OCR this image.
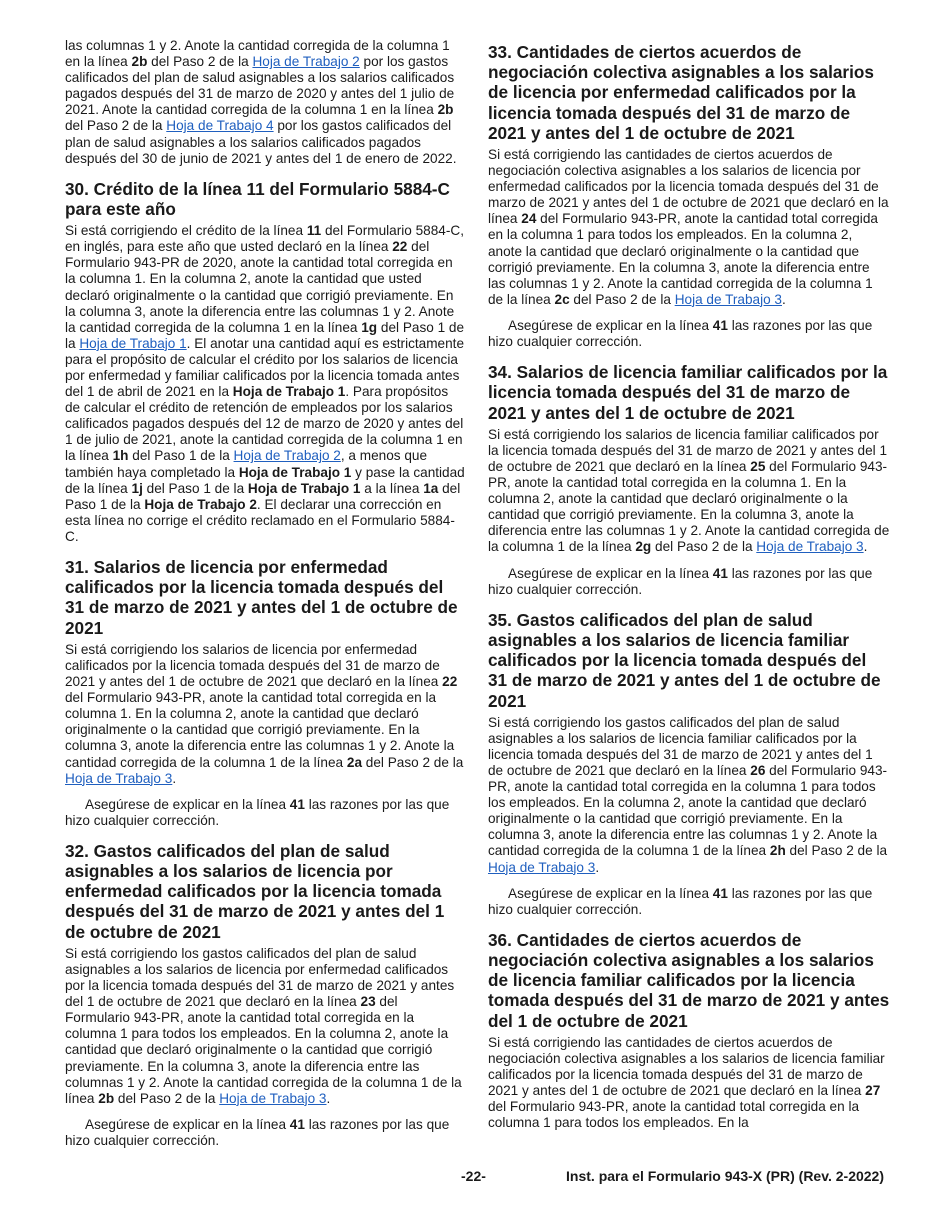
las columnas 1 y 2. Anote la cantidad corregida de la columna 1 en la línea 2b del Paso 2 de la Hoja de Trabajo 2 por los gastos calificados del plan de salud asignables a los salarios calificados pagados después del 31 de marzo de 2020 y antes del 1 julio de 2021. Anote la cantidad corregida de la columna 1 en la línea 2b del Paso 2 de la Hoja de Trabajo 4 por los gastos calificados del plan de salud asignables a los salarios calificados pagados después del 30 de junio de 2021 y antes del 1 de enero de 2022.

30. Crédito de la línea 11 del Formulario 5884-C para este año

Si está corrigiendo el crédito de la línea 11 del Formulario 5884-C, en inglés, para este año que usted declaró en la línea 22 del Formulario 943-PR de 2020, anote la cantidad total corregida en la columna 1. En la columna 2, anote la cantidad que usted declaró originalmente o la cantidad que corrigió previamente. En la columna 3, anote la diferencia entre las columnas 1 y 2. Anote la cantidad corregida de la columna 1 en la línea 1g del Paso 1 de la Hoja de Trabajo 1. El anotar una cantidad aquí es estrictamente para el propósito de calcular el crédito por los salarios de licencia por enfermedad y familiar calificados por la licencia tomada antes del 1 de abril de 2021 en la Hoja de Trabajo 1. Para propósitos de calcular el crédito de retención de empleados por los salarios calificados pagados después del 12 de marzo de 2020 y antes del 1 de julio de 2021, anote la cantidad corregida de la columna 1 en la línea 1h del Paso 1 de la Hoja de Trabajo 2, a menos que también haya completado la Hoja de Trabajo 1 y pase la cantidad de la línea 1j del Paso 1 de la Hoja de Trabajo 1 a la línea 1a del Paso 1 de la Hoja de Trabajo 2. El declarar una corrección en esta línea no corrige el crédito reclamado en el Formulario 5884-C.

31. Salarios de licencia por enfermedad calificados por la licencia tomada después del 31 de marzo de 2021 y antes del 1 de octubre de 2021

Si está corrigiendo los salarios de licencia por enfermedad calificados por la licencia tomada después del 31 de marzo de 2021 y antes del 1 de octubre de 2021 que declaró en la línea 22 del Formulario 943-PR, anote la cantidad total corregida en la columna 1. En la columna 2, anote la cantidad que declaró originalmente o la cantidad que corrigió previamente. En la columna 3, anote la diferencia entre las columnas 1 y 2. Anote la cantidad corregida de la columna 1 de la línea 2a del Paso 2 de la Hoja de Trabajo 3.

Asegúrese de explicar en la línea 41 las razones por las que hizo cualquier corrección.

32. Gastos calificados del plan de salud asignables a los salarios de licencia por enfermedad calificados por la licencia tomada después del 31 de marzo de 2021 y antes del 1 de octubre de 2021

Si está corrigiendo los gastos calificados del plan de salud asignables a los salarios de licencia por enfermedad calificados por la licencia tomada después del 31 de marzo de 2021 y antes del 1 de octubre de 2021 que declaró en la línea 23 del Formulario 943-PR, anote la cantidad total corregida en la columna 1 para todos los empleados. En la columna 2, anote la cantidad que declaró originalmente o la cantidad que corrigió previamente. En la columna 3, anote la diferencia entre las columnas 1 y 2. Anote la cantidad corregida de la columna 1 de la línea 2b del Paso 2 de la Hoja de Trabajo 3.

Asegúrese de explicar en la línea 41 las razones por las que hizo cualquier corrección.

33. Cantidades de ciertos acuerdos de negociación colectiva asignables a los salarios de licencia por enfermedad calificados por la licencia tomada después del 31 de marzo de 2021 y antes del 1 de octubre de 2021

Si está corrigiendo las cantidades de ciertos acuerdos de negociación colectiva asignables a los salarios de licencia por enfermedad calificados por la licencia tomada después del 31 de marzo de 2021 y antes del 1 de octubre de 2021 que declaró en la línea 24 del Formulario 943-PR, anote la cantidad total corregida en la columna 1 para todos los empleados. En la columna 2, anote la cantidad que declaró originalmente o la cantidad que corrigió previamente. En la columna 3, anote la diferencia entre las columnas 1 y 2. Anote la cantidad corregida de la columna 1 de la línea 2c del Paso 2 de la Hoja de Trabajo 3.

Asegúrese de explicar en la línea 41 las razones por las que hizo cualquier corrección.

34. Salarios de licencia familiar calificados por la licencia tomada después del 31 de marzo de 2021 y antes del 1 de octubre de 2021

Si está corrigiendo los salarios de licencia familiar calificados por la licencia tomada después del 31 de marzo de 2021 y antes del 1 de octubre de 2021 que declaró en la línea 25 del Formulario 943-PR, anote la cantidad total corregida en la columna 1. En la columna 2, anote la cantidad que declaró originalmente o la cantidad que corrigió previamente. En la columna 3, anote la diferencia entre las columnas 1 y 2. Anote la cantidad corregida de la columna 1 de la línea 2g del Paso 2 de la Hoja de Trabajo 3.

Asegúrese de explicar en la línea 41 las razones por las que hizo cualquier corrección.

35. Gastos calificados del plan de salud asignables a los salarios de licencia familiar calificados por la licencia tomada después del 31 de marzo de 2021 y antes del 1 de octubre de 2021

Si está corrigiendo los gastos calificados del plan de salud asignables a los salarios de licencia familiar calificados por la licencia tomada después del 31 de marzo de 2021 y antes del 1 de octubre de 2021 que declaró en la línea 26 del Formulario 943-PR, anote la cantidad total corregida en la columna 1 para todos los empleados. En la columna 2, anote la cantidad que declaró originalmente o la cantidad que corrigió previamente. En la columna 3, anote la diferencia entre las columnas 1 y 2. Anote la cantidad corregida de la columna 1 de la línea 2h del Paso 2 de la Hoja de Trabajo 3.

Asegúrese de explicar en la línea 41 las razones por las que hizo cualquier corrección.

36. Cantidades de ciertos acuerdos de negociación colectiva asignables a los salarios de licencia familiar calificados por la licencia tomada después del 31 de marzo de 2021 y antes del 1 de octubre de 2021

Si está corrigiendo las cantidades de ciertos acuerdos de negociación colectiva asignables a los salarios de licencia familiar calificados por la licencia tomada después del 31 de marzo de 2021 y antes del 1 de octubre de 2021 que declaró en la línea 27 del Formulario 943-PR, anote la cantidad total corregida en la columna 1 para todos los empleados. En la

-22-	Inst. para el Formulario 943-X (PR) (Rev. 2-2022)
